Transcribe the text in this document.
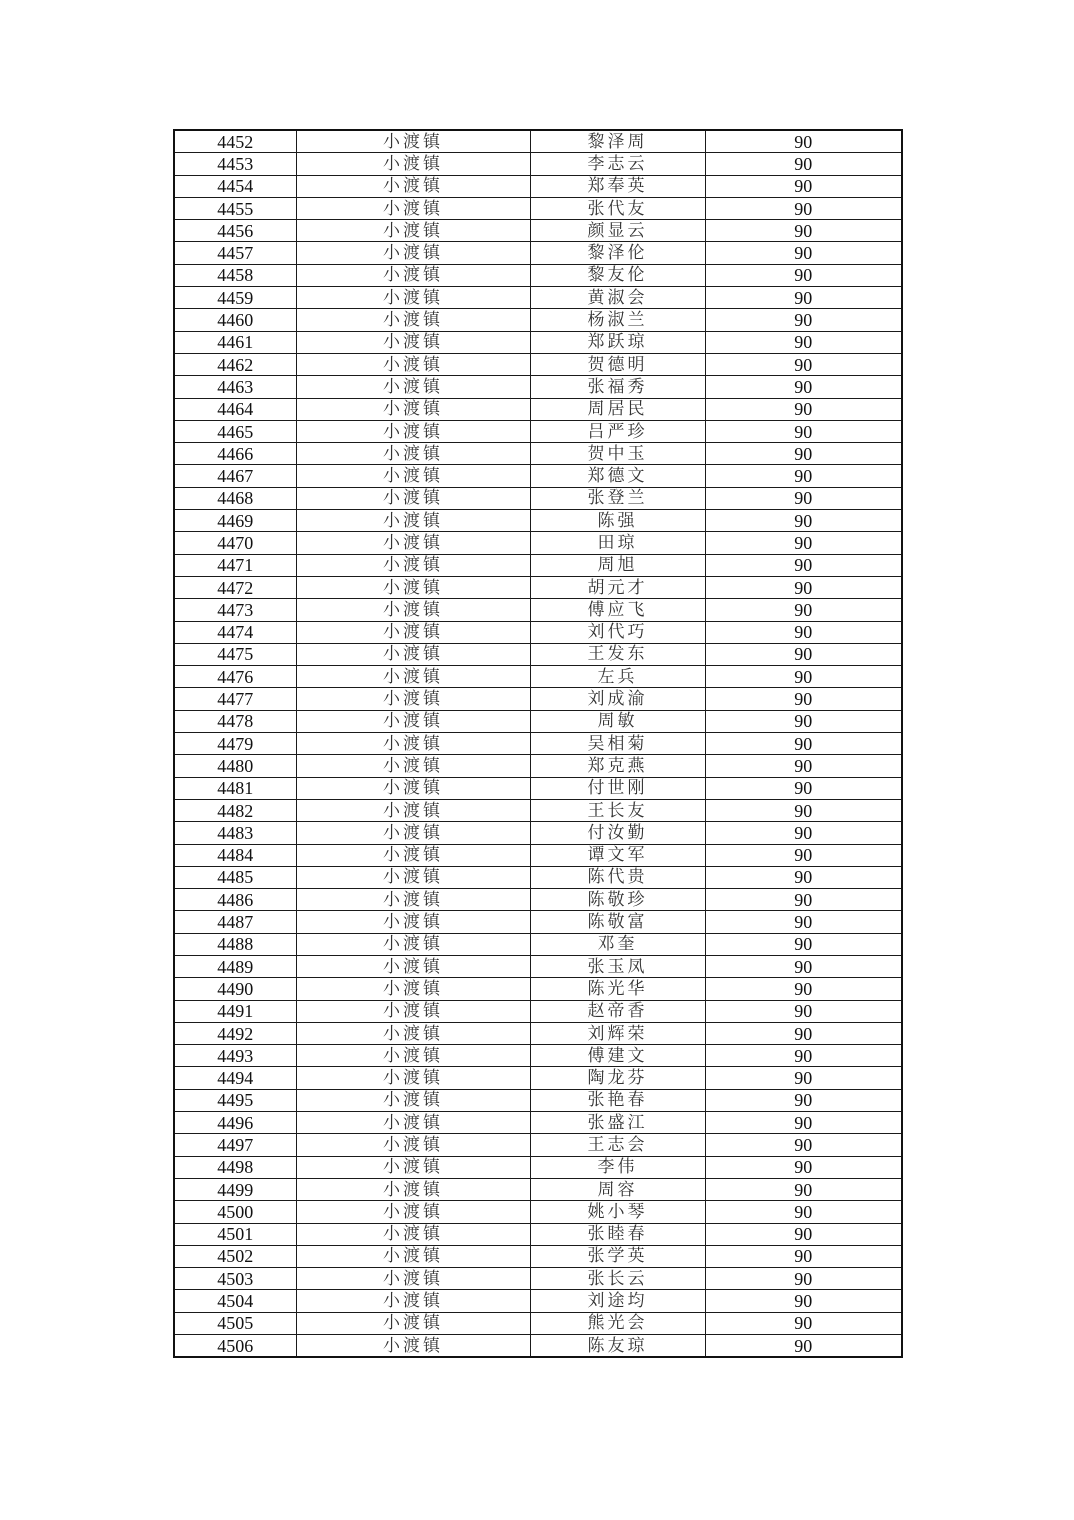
4452	小渡镇	黎泽周	90
4453	小渡镇	李志云	90
4454	小渡镇	郑奉英	90
4455	小渡镇	张代友	90
4456	小渡镇	颜显云	90
4457	小渡镇	黎泽伦	90
4458	小渡镇	黎友伦	90
4459	小渡镇	黄淑会	90
4460	小渡镇	杨淑兰	90
4461	小渡镇	郑跃琼	90
4462	小渡镇	贺德明	90
4463	小渡镇	张福秀	90
4464	小渡镇	周居民	90
4465	小渡镇	吕严珍	90
4466	小渡镇	贺中玉	90
4467	小渡镇	郑德文	90
4468	小渡镇	张登兰	90
4469	小渡镇	陈强	90
4470	小渡镇	田琼	90
4471	小渡镇	周旭	90
4472	小渡镇	胡元才	90
4473	小渡镇	傅应飞	90
4474	小渡镇	刘代巧	90
4475	小渡镇	王发东	90
4476	小渡镇	左兵	90
4477	小渡镇	刘成渝	90
4478	小渡镇	周敏	90
4479	小渡镇	吴相菊	90
4480	小渡镇	郑克燕	90
4481	小渡镇	付世刚	90
4482	小渡镇	王长友	90
4483	小渡镇	付汝勤	90
4484	小渡镇	谭文军	90
4485	小渡镇	陈代贵	90
4486	小渡镇	陈敬珍	90
4487	小渡镇	陈敬富	90
4488	小渡镇	邓奎	90
4489	小渡镇	张玉凤	90
4490	小渡镇	陈光华	90
4491	小渡镇	赵帝香	90
4492	小渡镇	刘辉荣	90
4493	小渡镇	傅建文	90
4494	小渡镇	陶龙芬	90
4495	小渡镇	张艳春	90
4496	小渡镇	张盛江	90
4497	小渡镇	王志会	90
4498	小渡镇	李伟	90
4499	小渡镇	周容	90
4500	小渡镇	姚小琴	90
4501	小渡镇	张睦春	90
4502	小渡镇	张学英	90
4503	小渡镇	张长云	90
4504	小渡镇	刘途均	90
4505	小渡镇	熊光会	90
4506	小渡镇	陈友琼	90
